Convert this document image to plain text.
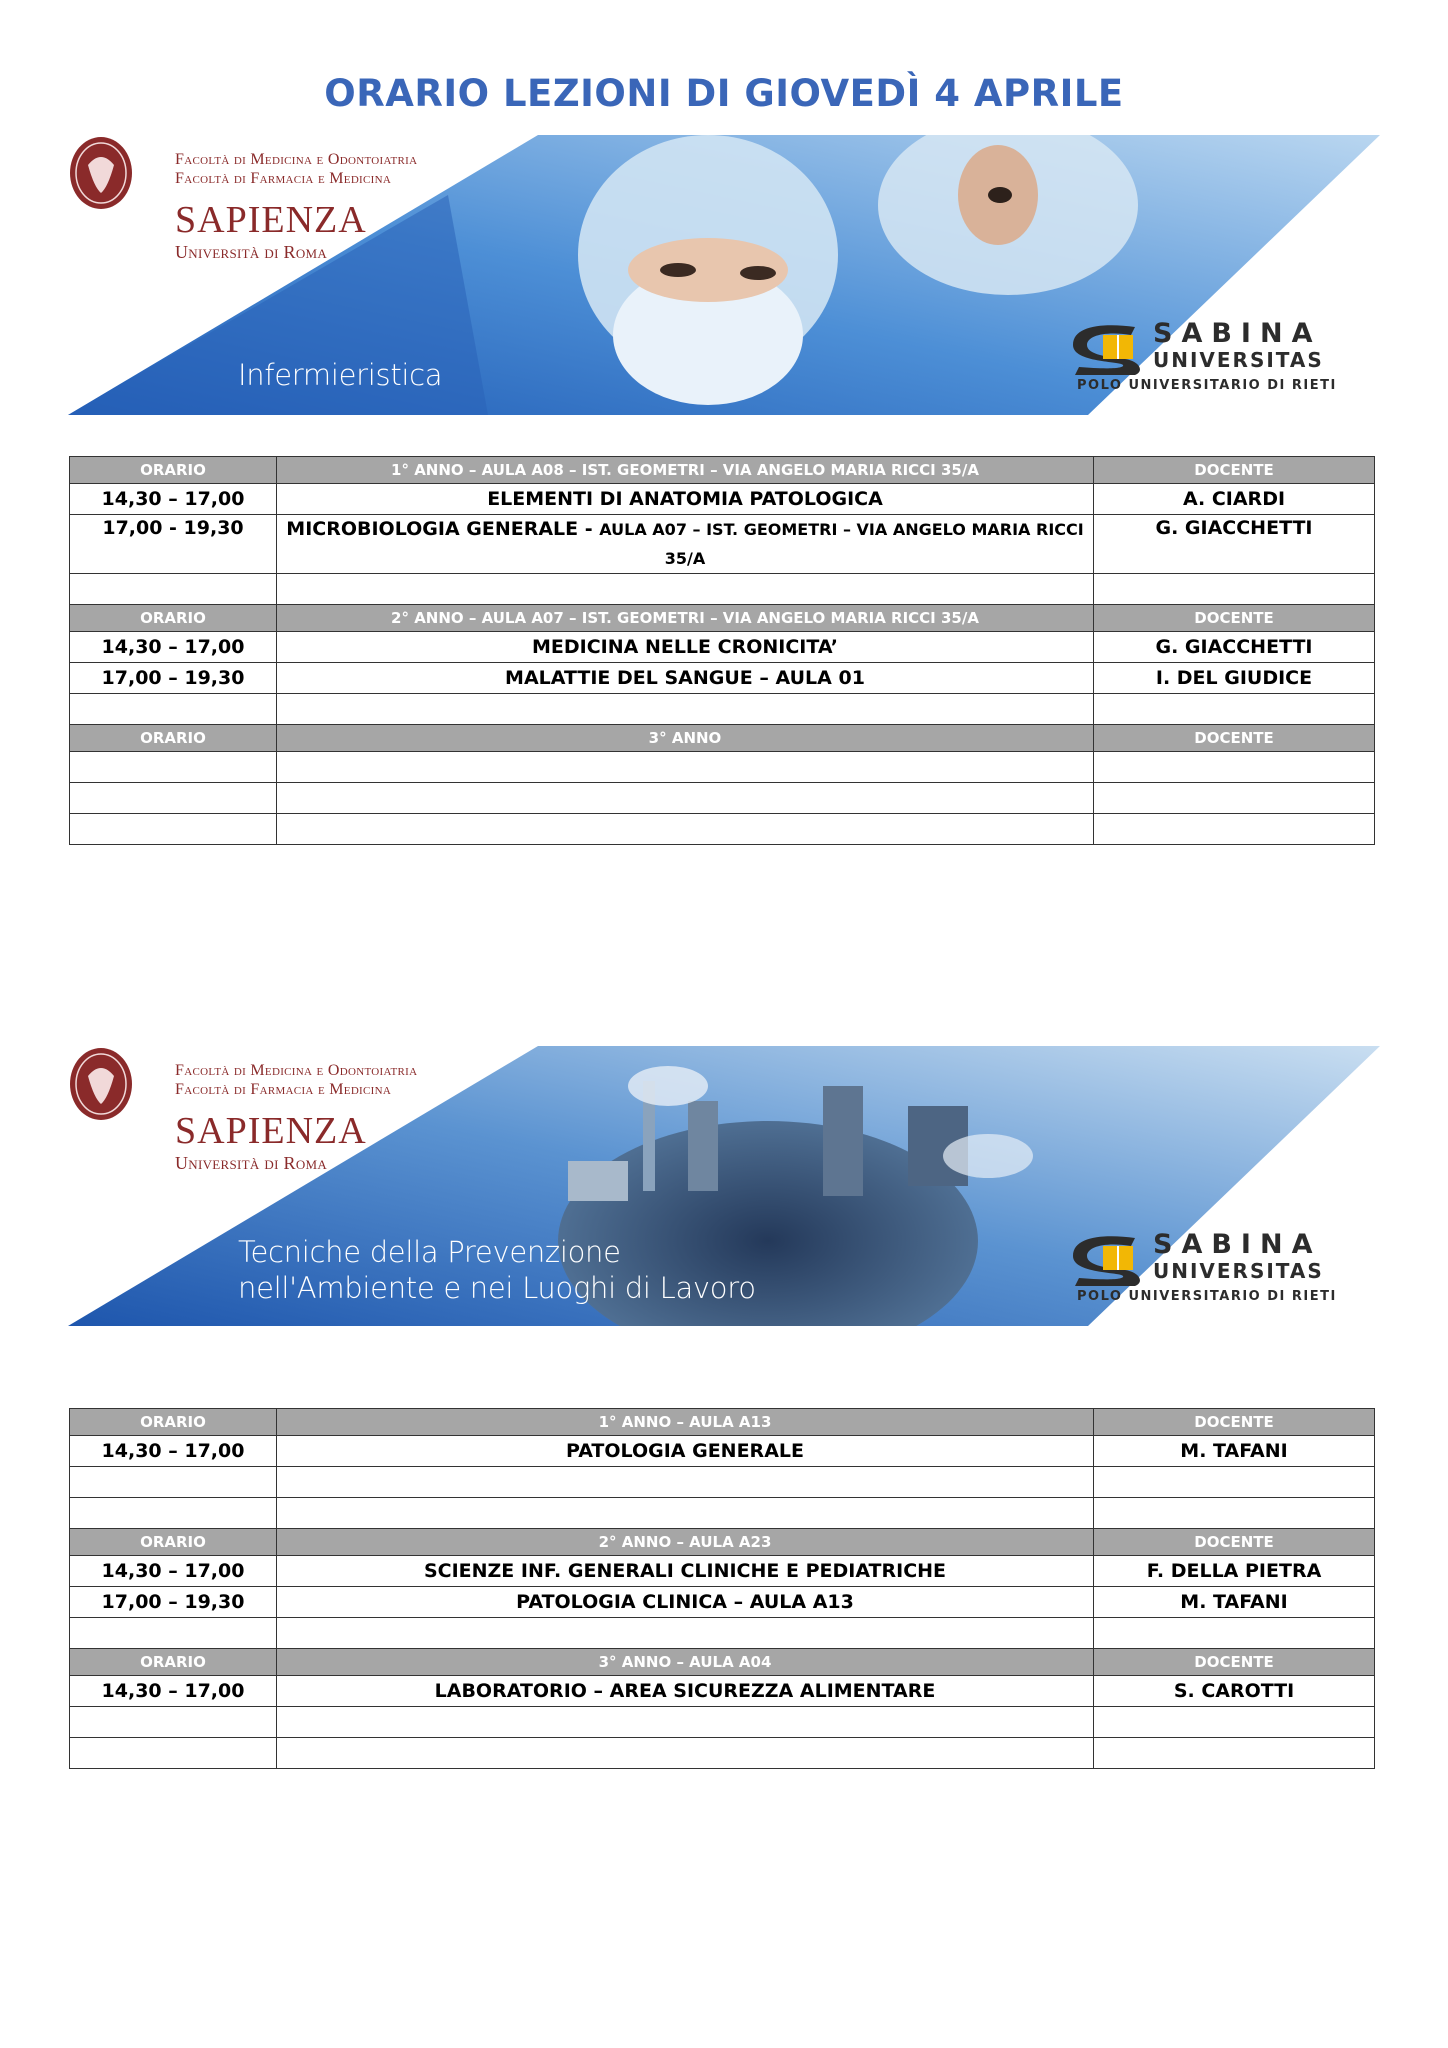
ORARIO LEZIONI DI GIOVEDÌ 4 APRILE
Facoltà di Medicina e Odontoiatria
Facoltà di Farmacia e Medicina
SAPIENZA
Università di Roma
Infermieristica
SABINA
UNIVERSITAS
POLO UNIVERSITARIO DI RIETI
ORARIO	1° ANNO – AULA A08 – IST. GEOMETRI – VIA ANGELO MARIA RICCI 35/A	DOCENTE
14,30 – 17,00	ELEMENTI DI ANATOMIA PATOLOGICA	A. CIARDI
17,00 - 19,30	MICROBIOLOGIA GENERALE - AULA A07 – IST. GEOMETRI – VIA ANGELO MARIA RICCI 35/A	G. GIACCHETTI

ORARIO	2° ANNO – AULA A07 – IST. GEOMETRI – VIA ANGELO MARIA RICCI 35/A	DOCENTE
14,30 – 17,00	MEDICINA NELLE CRONICITA’	G. GIACCHETTI
17,00 – 19,30	MALATTIE DEL SANGUE – AULA 01	I. DEL GIUDICE

ORARIO	3° ANNO	DOCENTE

Facoltà di Medicina e Odontoiatria
Facoltà di Farmacia e Medicina
SAPIENZA
Università di Roma
Tecniche della Prevenzione
nell'Ambiente e nei Luoghi di Lavoro
SABINA
UNIVERSITAS
POLO UNIVERSITARIO DI RIETI
ORARIO	1° ANNO – AULA A13	DOCENTE
14,30 – 17,00	PATOLOGIA GENERALE	M. TAFANI

ORARIO	2° ANNO – AULA A23	DOCENTE
14,30 – 17,00	SCIENZE INF. GENERALI CLINICHE E PEDIATRICHE	F. DELLA PIETRA
17,00 – 19,30	PATOLOGIA CLINICA – AULA A13	M. TAFANI

ORARIO	3° ANNO – AULA A04	DOCENTE
14,30 – 17,00	LABORATORIO – AREA SICUREZZA ALIMENTARE	S. CAROTTI
